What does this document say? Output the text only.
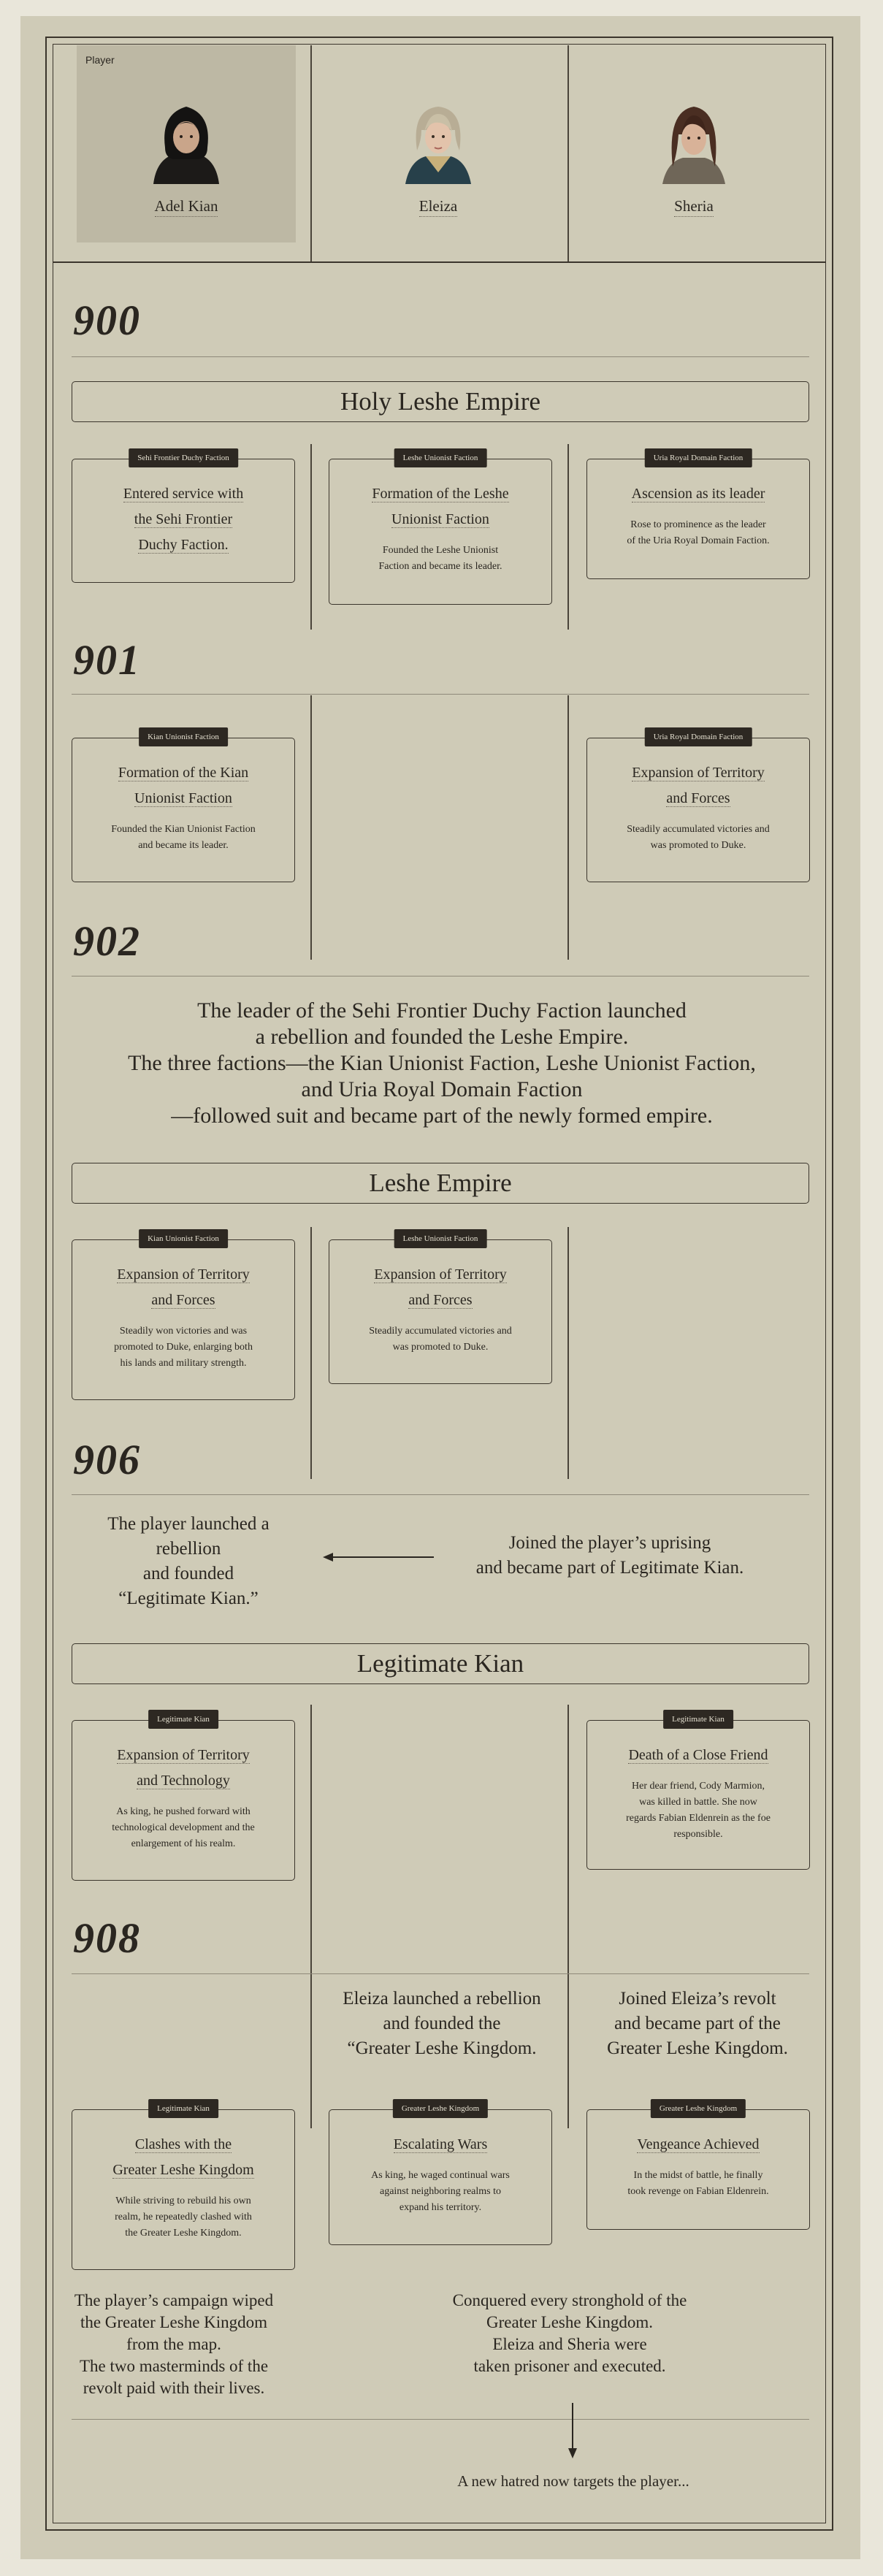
Player
Adel Kian	Eleiza	Sheria
900
Holy Leshe Empire
Sehi Frontier Duchy Faction
Entered service with
the Sehi Frontier
Duchy Faction.
Leshe Unionist Faction
Formation of the Leshe
Unionist Faction
Founded the Leshe Unionist
Faction and became its leader.
Uria Royal Domain Faction
Ascension as its leader
Rose to prominence as the leader
of the Uria Royal Domain Faction.
901
Kian Unionist Faction
Formation of the Kian
Unionist Faction
Founded the Kian Unionist Faction
and became its leader.
Uria Royal Domain Faction
Expansion of Territory
and Forces
Steadily accumulated victories and
was promoted to Duke.
902
The leader of the Sehi Frontier Duchy Faction launched
a rebellion and founded the Leshe Empire.
The three factions—the Kian Unionist Faction, Leshe Unionist Faction,
and Uria Royal Domain Faction
—followed suit and became part of the newly formed empire.
Leshe Empire
Kian Unionist Faction
Expansion of Territory
and Forces
Steadily won victories and was
promoted to Duke, enlarging both
his lands and military strength.
Leshe Unionist Faction
Expansion of Territory
and Forces
Steadily accumulated victories and
was promoted to Duke.
906
The player launched a
rebellion
and founded
“Legitimate Kian.”
Joined the player’s uprising
and became part of Legitimate Kian.
Legitimate Kian
Legitimate Kian
Expansion of Territory
and Technology
As king, he pushed forward with
technological development and the
enlargement of his realm.
Legitimate Kian
Death of a Close Friend
Her dear friend, Cody Marmion,
was killed in battle. She now
regards Fabian Eldenrein as the foe
responsible.
908
Eleiza launched a rebellion
and founded the
“Greater Leshe Kingdom.
Joined Eleiza’s revolt
and became part of the
Greater Leshe Kingdom.
Legitimate Kian
Clashes with the
Greater Leshe Kingdom
While striving to rebuild his own
realm, he repeatedly clashed with
the Greater Leshe Kingdom.
Greater Leshe Kingdom
Escalating Wars
As king, he waged continual wars
against neighboring realms to
expand his territory.
Greater Leshe Kingdom
Vengeance Achieved
In the midst of battle, he finally
took revenge on Fabian Eldenrein.
The player’s campaign wiped
the Greater Leshe Kingdom
from the map.
The two masterminds of the
revolt paid with their lives.
Conquered every stronghold of the
Greater Leshe Kingdom.
Eleiza and Sheria were
taken prisoner and executed.
A new hatred now targets the player...
